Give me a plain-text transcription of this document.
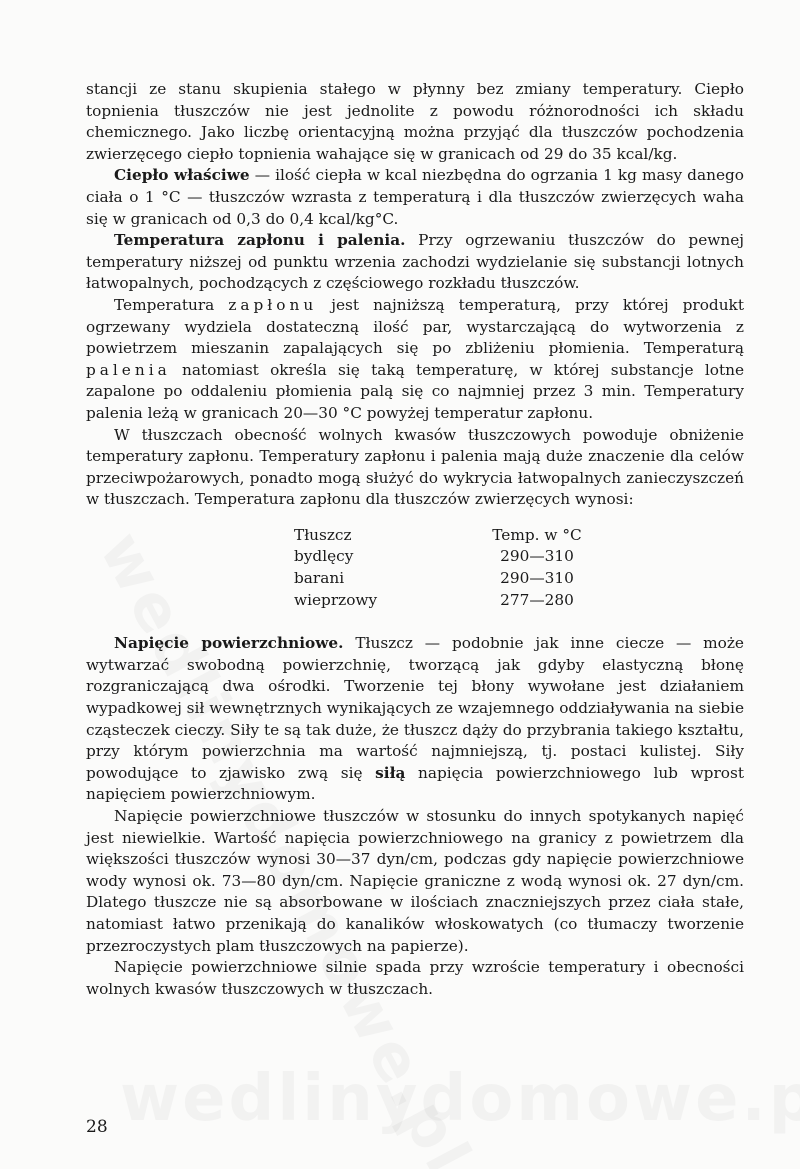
stancji ze stanu skupienia stałego w płynny bez zmiany temperatury. Ciepło topnienia tłuszczów nie jest jednolite z powodu różnorodności ich składu chemicznego. Jako liczbę orientacyjną można przyjąć dla tłuszczów pochodzenia zwierzęcego ciepło topnienia wahające się w granicach od 29 do 35 kcal/kg.

Ciepło właściwe — ilość ciepła w kcal niezbędna do ogrzania 1 kg masy danego ciała o 1 °C — tłuszczów wzrasta z temperaturą i dla tłuszczów zwierzęcych waha się w granicach od 0,3 do 0,4 kcal/kg°C.

Temperatura zapłonu i palenia. Przy ogrzewaniu tłuszczów do pewnej temperatury niższej od punktu wrzenia zachodzi wydzielanie się substancji lotnych łatwopalnych, pochodzących z częściowego rozkładu tłuszczów.

Temperatura zapłonu jest najniższą temperaturą, przy której produkt ogrzewany wydziela dostateczną ilość par, wystarczającą do wytworzenia z powietrzem mieszanin zapalających się po zbliżeniu płomienia. Temperaturą palenia natomiast określa się taką temperaturę, w której substancje lotne zapalone po oddaleniu płomienia palą się co najmniej przez 3 min. Temperatury palenia leżą w granicach 20—30 °C powyżej temperatur zapłonu.

W tłuszczach obecność wolnych kwasów tłuszczowych powoduje obniżenie temperatury zapłonu. Temperatury zapłonu i palenia mają duże znaczenie dla celów przeciwpożarowych, ponadto mogą służyć do wykrycia łatwopalnych zanieczyszczeń w tłuszczach. Temperatura zapłonu dla tłuszczów zwierzęcych wynosi:

Tłuszcz	Temp. w °C
bydlęcy	290—310
barani	290—310
wieprzowy	277—280

Napięcie powierzchniowe. Tłuszcz — podobnie jak inne ciecze — może wytwarzać swobodną powierzchnię, tworzącą jak gdyby elastyczną błonę rozgraniczającą dwa ośrodki. Tworzenie tej błony wywołane jest działaniem wypadkowej sił wewnętrznych wynikających ze wzajemnego oddziaływania na siebie cząsteczek cieczy. Siły te są tak duże, że tłuszcz dąży do przybrania takiego kształtu, przy którym powierzchnia ma wartość najmniejszą, tj. postaci kulistej. Siły powodujące to zjawisko zwą się siłą napięcia powierzchniowego lub wprost napięciem powierzchniowym.

Napięcie powierzchniowe tłuszczów w stosunku do innych spotykanych napięć jest niewielkie. Wartość napięcia powierzchniowego na granicy z powietrzem dla większości tłuszczów wynosi 30—37 dyn/cm, podczas gdy napięcie powierzchniowe wody wynosi ok. 73—80 dyn/cm. Napięcie graniczne z wodą wynosi ok. 27 dyn/cm. Dlatego tłuszcze nie są absorbowane w ilościach znaczniejszych przez ciała stałe, natomiast łatwo przenikają do kanalików włoskowatych (co tłumaczy tworzenie przezroczystych plam tłuszczowych na papierze).

Napięcie powierzchniowe silnie spada przy wzroście temperatury i obecności wolnych kwasów tłuszczowych w tłuszczach.

28
